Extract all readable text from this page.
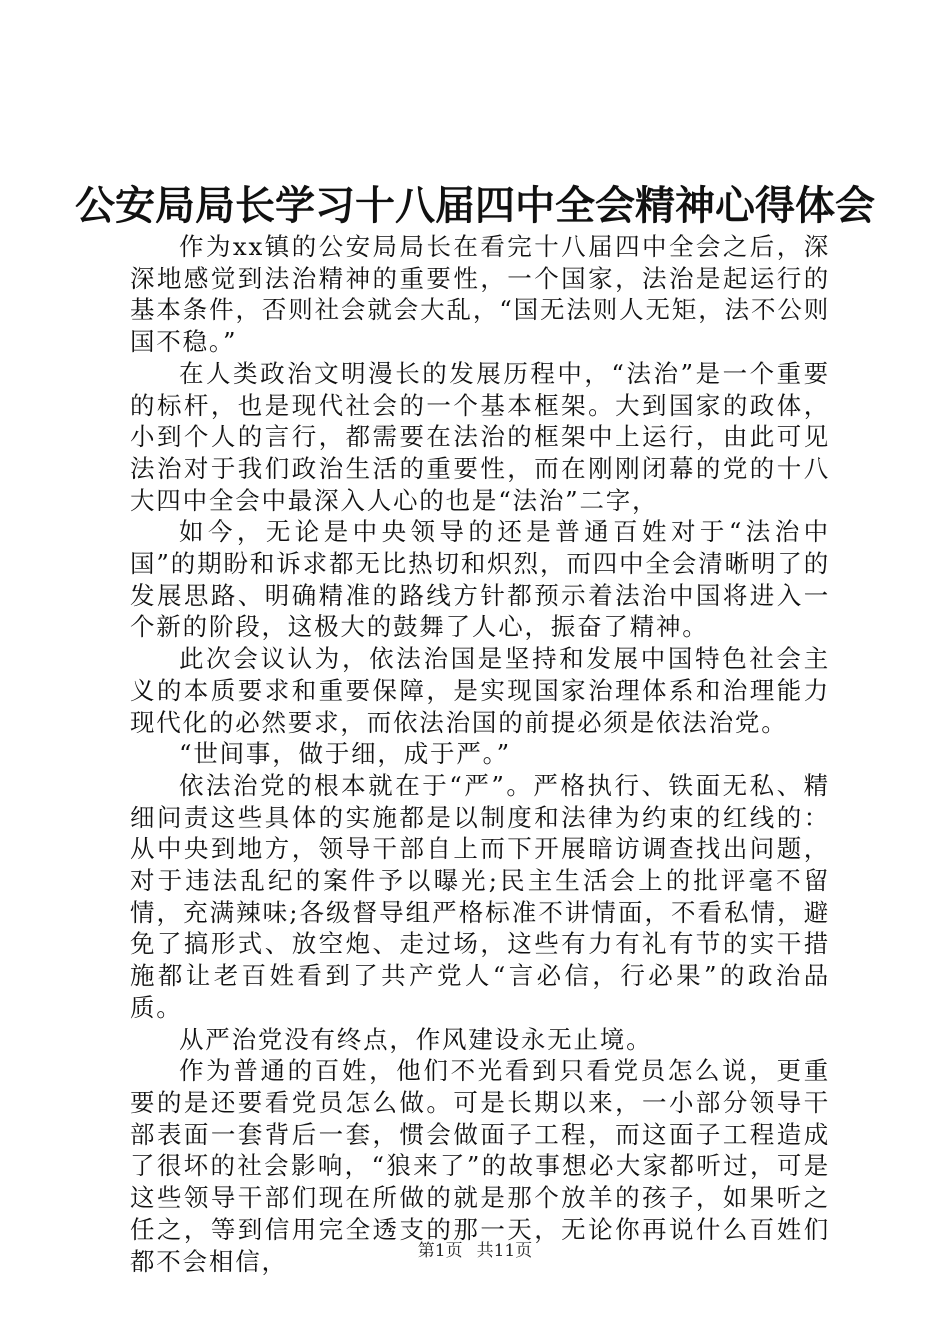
公安局局长学习十八届四中全会精神心得体会

作为xx镇的公安局局长在看完十八届四中全会之后，深深地感觉到法治精神的重要性，一个国家，法治是起运行的基本条件，否则社会就会大乱，“国无法则人无矩，法不公则国不稳。”

在人类政治文明漫长的发展历程中，“法治”是一个重要的标杆，也是现代社会的一个基本框架。大到国家的政体，小到个人的言行，都需要在法治的框架中上运行，由此可见法治对于我们政治生活的重要性，而在刚刚闭幕的党的十八大四中全会中最深入人心的也是“法治”二字，

如今，无论是中央领导的还是普通百姓对于“法治中国”的期盼和诉求都无比热切和炽烈，而四中全会清晰明了的发展思路、明确精准的路线方针都预示着法治中国将进入一个新的阶段，这极大的鼓舞了人心，振奋了精神。

此次会议认为，依法治国是坚持和发展中国特色社会主义的本质要求和重要保障，是实现国家治理体系和治理能力现代化的必然要求，而依法治国的前提必须是依法治党。

“世间事，做于细，成于严。”

依法治党的根本就在于“严”。严格执行、铁面无私、精细问责这些具体的实施都是以制度和法律为约束的红线的：从中央到地方，领导干部自上而下开展暗访调查找出问题，对于违法乱纪的案件予以曝光;民主生活会上的批评毫不留情，充满辣味;各级督导组严格标准不讲情面，不看私情，避免了搞形式、放空炮、走过场，这些有力有礼有节的实干措施都让老百姓看到了共产党人“言必信，行必果”的政治品质。

从严治党没有终点，作风建设永无止境。

作为普通的百姓，他们不光看到只看党员怎么说，更重要的是还要看党员怎么做。可是长期以来，一小部分领导干部表面一套背后一套，惯会做面子工程，而这面子工程造成了很坏的社会影响，“狼来了”的故事想必大家都听过，可是这些领导干部们现在所做的就是那个放羊的孩子，如果听之任之，等到信用完全透支的那一天，无论你再说什么百姓们都不会相信，	第1页 共11页
